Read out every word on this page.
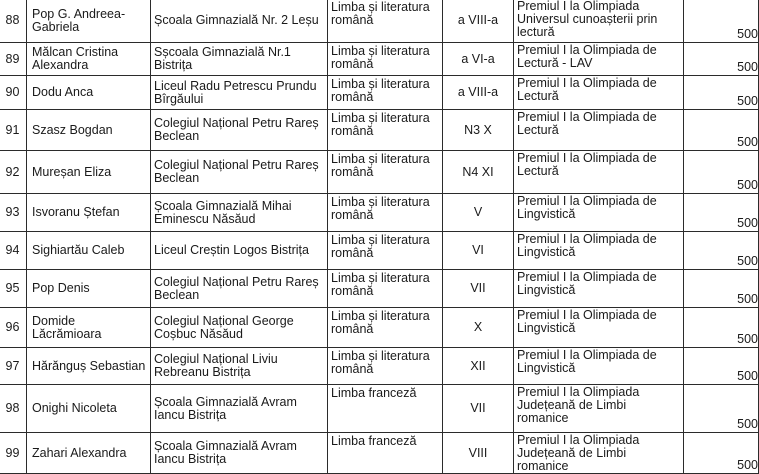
88	Pop G. Andreea-Gabriela	Școala Gimnazială Nr. 2 Leșu	Limba și literatura română	a VIII-a	Premiul I la Olimpiada Universul cunoașterii prin lectură	500
89	Mălcan Cristina Alexandra	Sșcoala Gimnazială Nr.1 Bistrița	Limba și literatura română	a VI-a	Premiul I la Olimpiada de Lectură - LAV	500
90	Dodu Anca	Liceul Radu Petrescu Prundu Bîrgăului	Limba și literatura română	a VIII-a	Premiul I la Olimpiada de Lectură	500
91	Szasz Bogdan	Colegiul Național Petru Rareș Beclean	Limba și literatura română	N3 X	Premiul I la Olimpiada de Lectură	500
92	Mureșan Eliza	Colegiul Național Petru Rareș Beclean	Limba și literatura română	N4 XI	Premiul I la Olimpiada de Lectură	500
93	Isvoranu Ștefan	Școala Gimnazială Mihai Eminescu Năsăud	Limba și literatura română	V	Premiul I la Olimpiada de Lingvistică	500
94	Sighiartău Caleb	Liceul Creștin Logos Bistrița	Limba și literatura română	VI	Premiul I la Olimpiada de Lingvistică	500
95	Pop Denis	Colegiul Național Petru Rareș Beclean	Limba și literatura română	VII	Premiul I la Olimpiada de Lingvistică	500
96	Domide Lăcrămioara	Colegiul Național George Coșbuc Năsăud	Limba și literatura română	X	Premiul I la Olimpiada de Lingvistică	500
97	Hărănguș Sebastian	Colegiul Național Liviu Rebreanu Bistrița	Limba și literatura română	XII	Premiul I la Olimpiada de Lingvistică	500
98	Onighi Nicoleta	Școala Gimnazială Avram Iancu Bistrița	Limba franceză	VII	Premiul I la Olimpiada Județeană de Limbi romanice	500
99	Zahari Alexandra	Școala Gimnazială Avram Iancu Bistrița	Limba franceză	VIII	Premiul I la Olimpiada Județeană de Limbi romanice	500
